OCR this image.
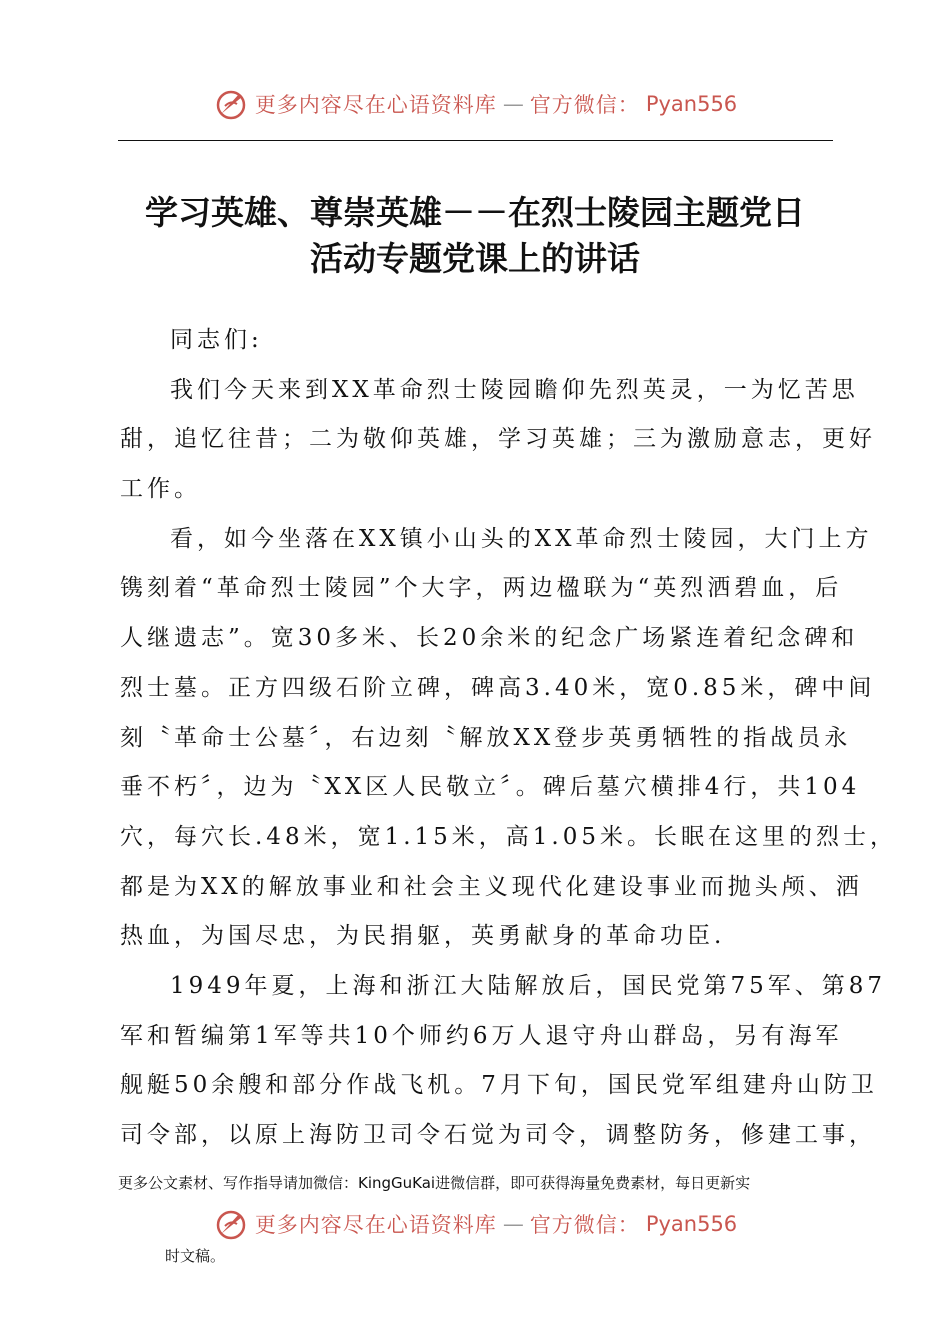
更多内容尽在心语资料库 — 官方微信： Pyan556
学习英雄、尊崇英雄－－在烈士陵园主题党日
活动专题党课上的讲话
同志们:
我们今天来到XX革命烈士陵园瞻仰先烈英灵，一为忆苦思
甜，追忆往昔；二为敬仰英雄，学习英雄；三为激励意志，更好
工作。
看，如今坐落在XX镇小山头的XX革命烈士陵园，大门上方
镌刻着“革命烈士陵园”个大字，两边楹联为“英烈洒碧血，后
人继遗志”。宽30多米、长20余米的纪念广场紧连着纪念碑和
烈士墓。正方四级石阶立碑，碑高3.40米，宽0.85米，碑中间
刻〝革命士公墓〞，右边刻〝解放XX登步英勇牺牲的指战员永
垂不朽〞，边为〝XX区人民敬立〞。碑后墓穴横排4行，共104
穴，每穴长.48米，宽1.15米，高1.05米。长眠在这里的烈士，
都是为XX的解放事业和社会主义现代化建设事业而抛头颅、洒
热血，为国尽忠，为民捐躯，英勇献身的革命功臣.
1949年夏，上海和浙江大陆解放后，国民党第75军、第87
军和暂编第1军等共10个师约6万人退守舟山群岛，另有海军
舰艇50余艘和部分作战飞机。7月下旬，国民党军组建舟山防卫
司令部，以原上海防卫司令石觉为司令，调整防务，修建工事，
更多公文素材、写作指导请加微信：KingGuKai进微信群，即可获得海量免费素材，每日更新实
更多内容尽在心语资料库 — 官方微信： Pyan556
时文稿。
